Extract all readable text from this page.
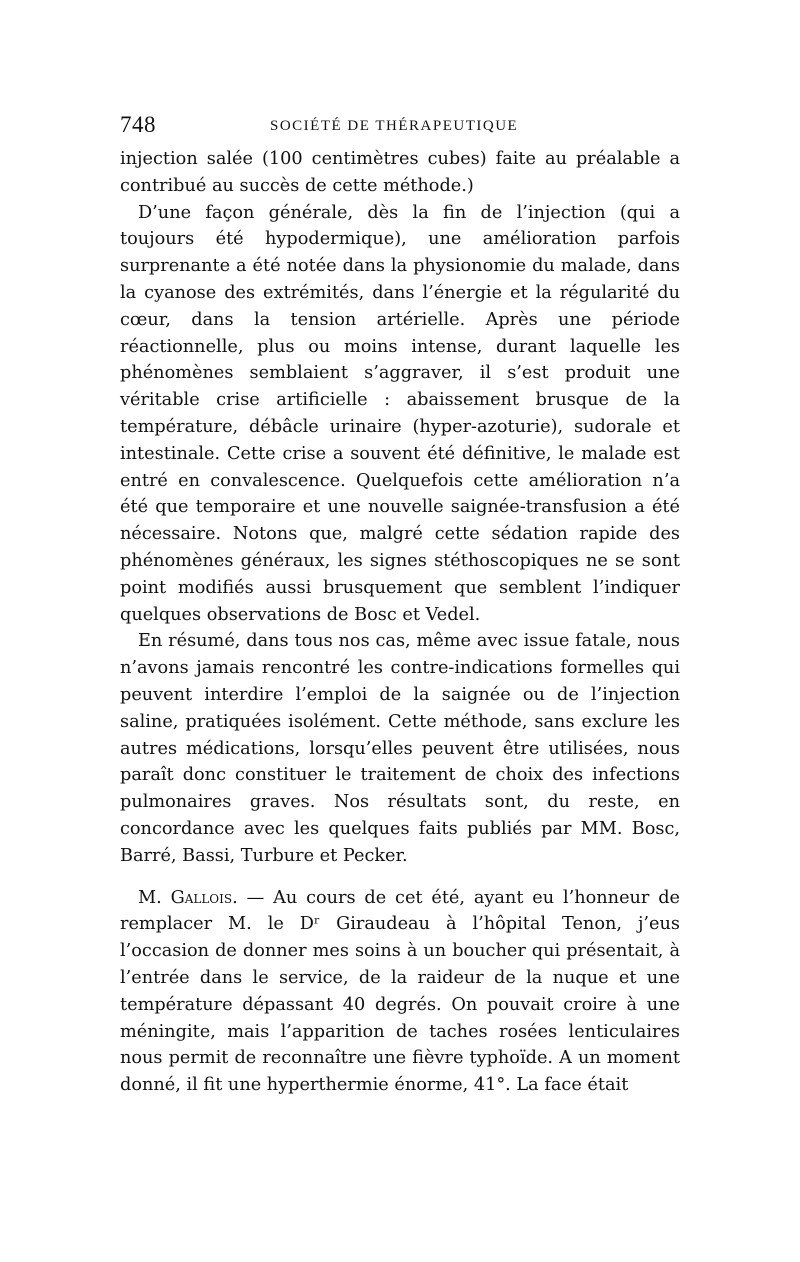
748	SOCIÉTÉ DE THÉRAPEUTIQUE

injection salée (100 centimètres cubes) faite au préalable a contribué au succès de cette méthode.)

D’une façon générale, dès la fin de l’injection (qui a toujours été hypodermique), une amélioration parfois surprenante a été notée dans la physionomie du malade, dans la cyanose des extrémités, dans l’énergie et la régularité du cœur, dans la tension artérielle. Après une période réactionnelle, plus ou moins intense, durant laquelle les phénomènes semblaient s’aggraver, il s’est produit une véritable crise artificielle : abaissement brusque de la température, débâcle urinaire (hyper-azoturie), sudorale et intestinale. Cette crise a souvent été définitive, le malade est entré en convalescence. Quelquefois cette amélioration n’a été que temporaire et une nouvelle saignée-transfusion a été nécessaire. Notons que, malgré cette sédation rapide des phénomènes généraux, les signes stéthoscopiques ne se sont point modifiés aussi brusquement que semblent l’indiquer quelques observations de Bosc et Vedel.

En résumé, dans tous nos cas, même avec issue fatale, nous n’avons jamais rencontré les contre-indications formelles qui peuvent interdire l’emploi de la saignée ou de l’injection saline, pratiquées isolément. Cette méthode, sans exclure les autres médications, lorsqu’elles peuvent être utilisées, nous paraît donc constituer le traitement de choix des infections pulmonaires graves. Nos résultats sont, du reste, en concordance avec les quelques faits publiés par MM. Bosc, Barré, Bassi, Turbure et Pecker.

M. Gallois. — Au cours de cet été, ayant eu l’honneur de remplacer M. le Dʳ Giraudeau à l’hôpital Tenon, j’eus l’occasion de donner mes soins à un boucher qui présentait, à l’entrée dans le service, de la raideur de la nuque et une température dépassant 40 degrés. On pouvait croire à une méningite, mais l’apparition de taches rosées lenticulaires nous permit de reconnaître une fièvre typhoïde. A un moment donné, il fit une hyperthermie énorme, 41°. La face était
